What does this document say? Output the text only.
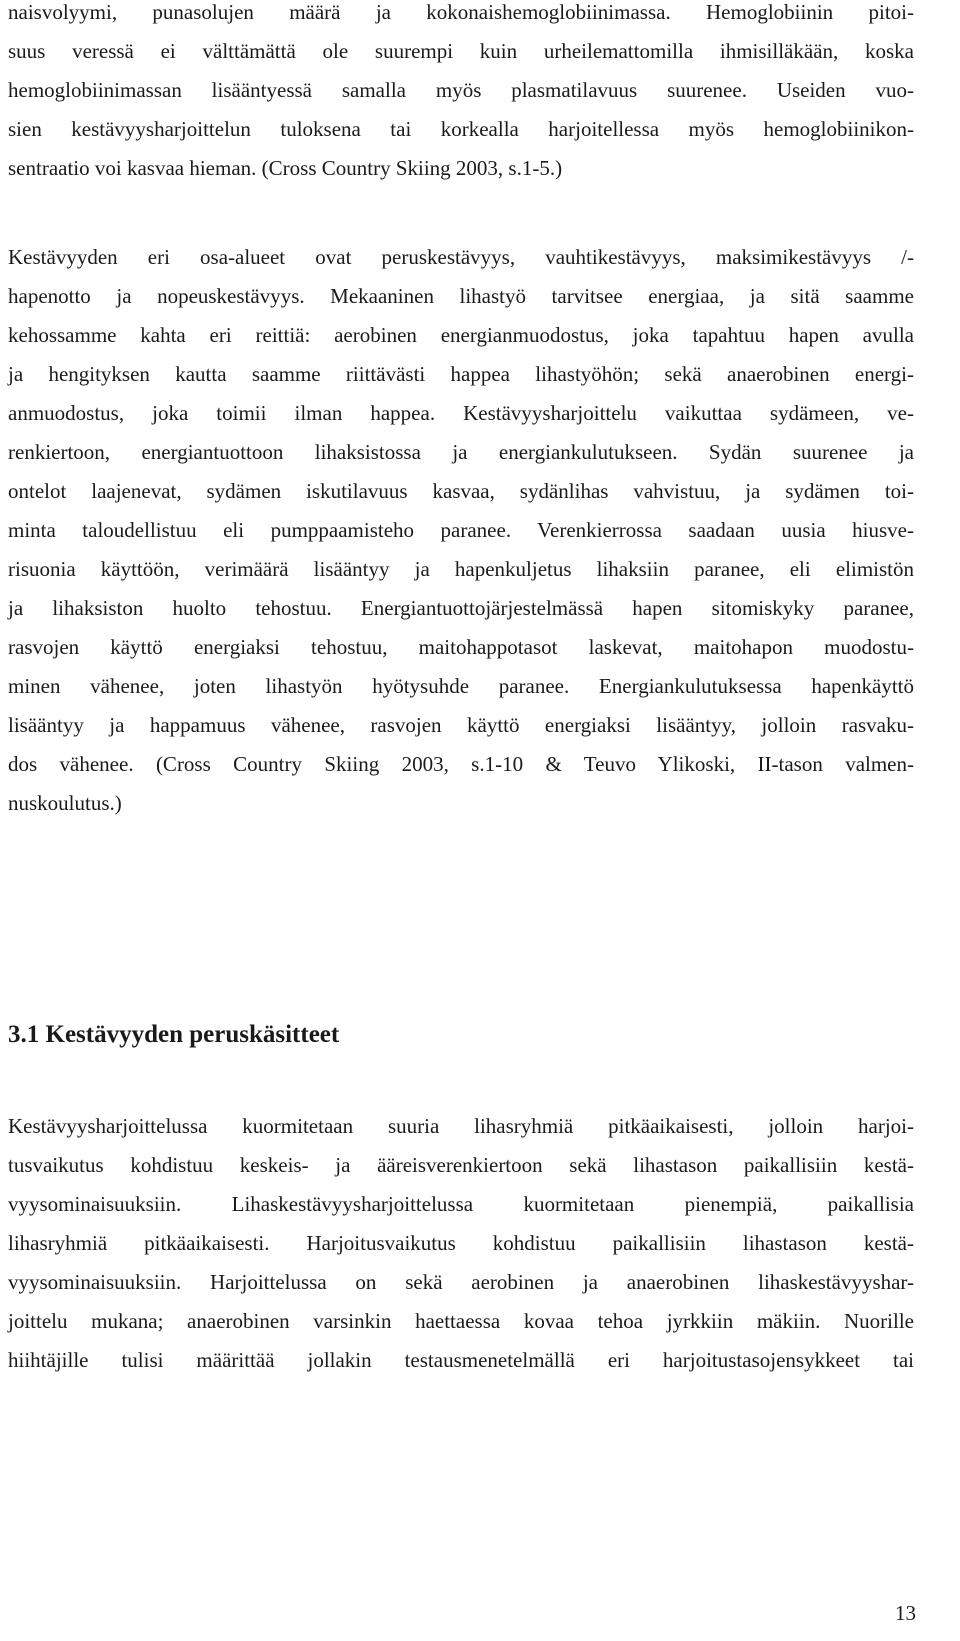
naisvolyymi, punasolujen määrä ja kokonaishemoglobiinimassa. Hemoglobiinin pitoi-
suus veressä ei välttämättä ole suurempi kuin urheilemattomilla ihmisilläkään, koska
hemoglobiinimassan lisääntyessä samalla myös plasmatilavuus suurenee. Useiden vuo-
sien kestävyysharjoittelun tuloksena tai korkealla harjoitellessa myös hemoglobiinikon-
sentraatio voi kasvaa hieman. (Cross Country Skiing 2003, s.1-5.)

Kestävyyden eri osa-alueet ovat peruskestävyys, vauhtikestävyys, maksimikestävyys /-
hapenotto ja nopeuskestävyys. Mekaaninen lihastyö tarvitsee energiaa, ja sitä saamme
kehossamme kahta eri reittiä: aerobinen energianmuodostus, joka tapahtuu hapen avulla
ja hengityksen kautta saamme riittävästi happea lihastyöhön; sekä anaerobinen energi-
anmuodostus, joka toimii ilman happea. Kestävyysharjoittelu vaikuttaa sydämeen, ve-
renkiertoon, energiantuottoon lihaksistossa ja energiankulutukseen. Sydän suurenee ja
ontelot laajenevat, sydämen iskutilavuus kasvaa, sydänlihas vahvistuu, ja sydämen toi-
minta taloudellistuu eli pumppaamisteho paranee. Verenkierrossa saadaan uusia hiusve-
risuonia käyttöön, verimäärä lisääntyy ja hapenkuljetus lihaksiin paranee, eli elimistön
ja lihaksiston huolto tehostuu. Energiantuottojärjestelmässä hapen sitomiskyky paranee,
rasvojen käyttö energiaksi tehostuu, maitohappotasot laskevat, maitohapon muodostu-
minen vähenee, joten lihastyön hyötysuhde paranee. Energiankulutuksessa hapenkäyttö
lisääntyy ja happamuus vähenee, rasvojen käyttö energiaksi lisääntyy, jolloin rasvaku-
dos vähenee. (Cross Country Skiing 2003, s.1-10 & Teuvo Ylikoski, II-tason valmen-
nuskoulutus.)

3.1 Kestävyyden peruskäsitteet

Kestävyysharjoittelussa kuormitetaan suuria lihasryhmiä pitkäaikaisesti, jolloin harjoi-
tusvaikutus kohdistuu keskeis- ja ääreisverenkiertoon sekä lihastason paikallisiin kestä-
vyysominaisuuksiin. Lihaskestävyysharjoittelussa kuormitetaan pienempiä, paikallisia
lihasryhmiä pitkäaikaisesti. Harjoitusvaikutus kohdistuu paikallisiin lihastason kestä-
vyysominaisuuksiin. Harjoittelussa on sekä aerobinen ja anaerobinen lihaskestävyyshar-
joittelu mukana; anaerobinen varsinkin haettaessa kovaa tehoa jyrkkiin mäkiin. Nuorille
hiihtäjille tulisi määrittää jollakin testausmenetelmällä eri harjoitustasojensykkeet tai

13
